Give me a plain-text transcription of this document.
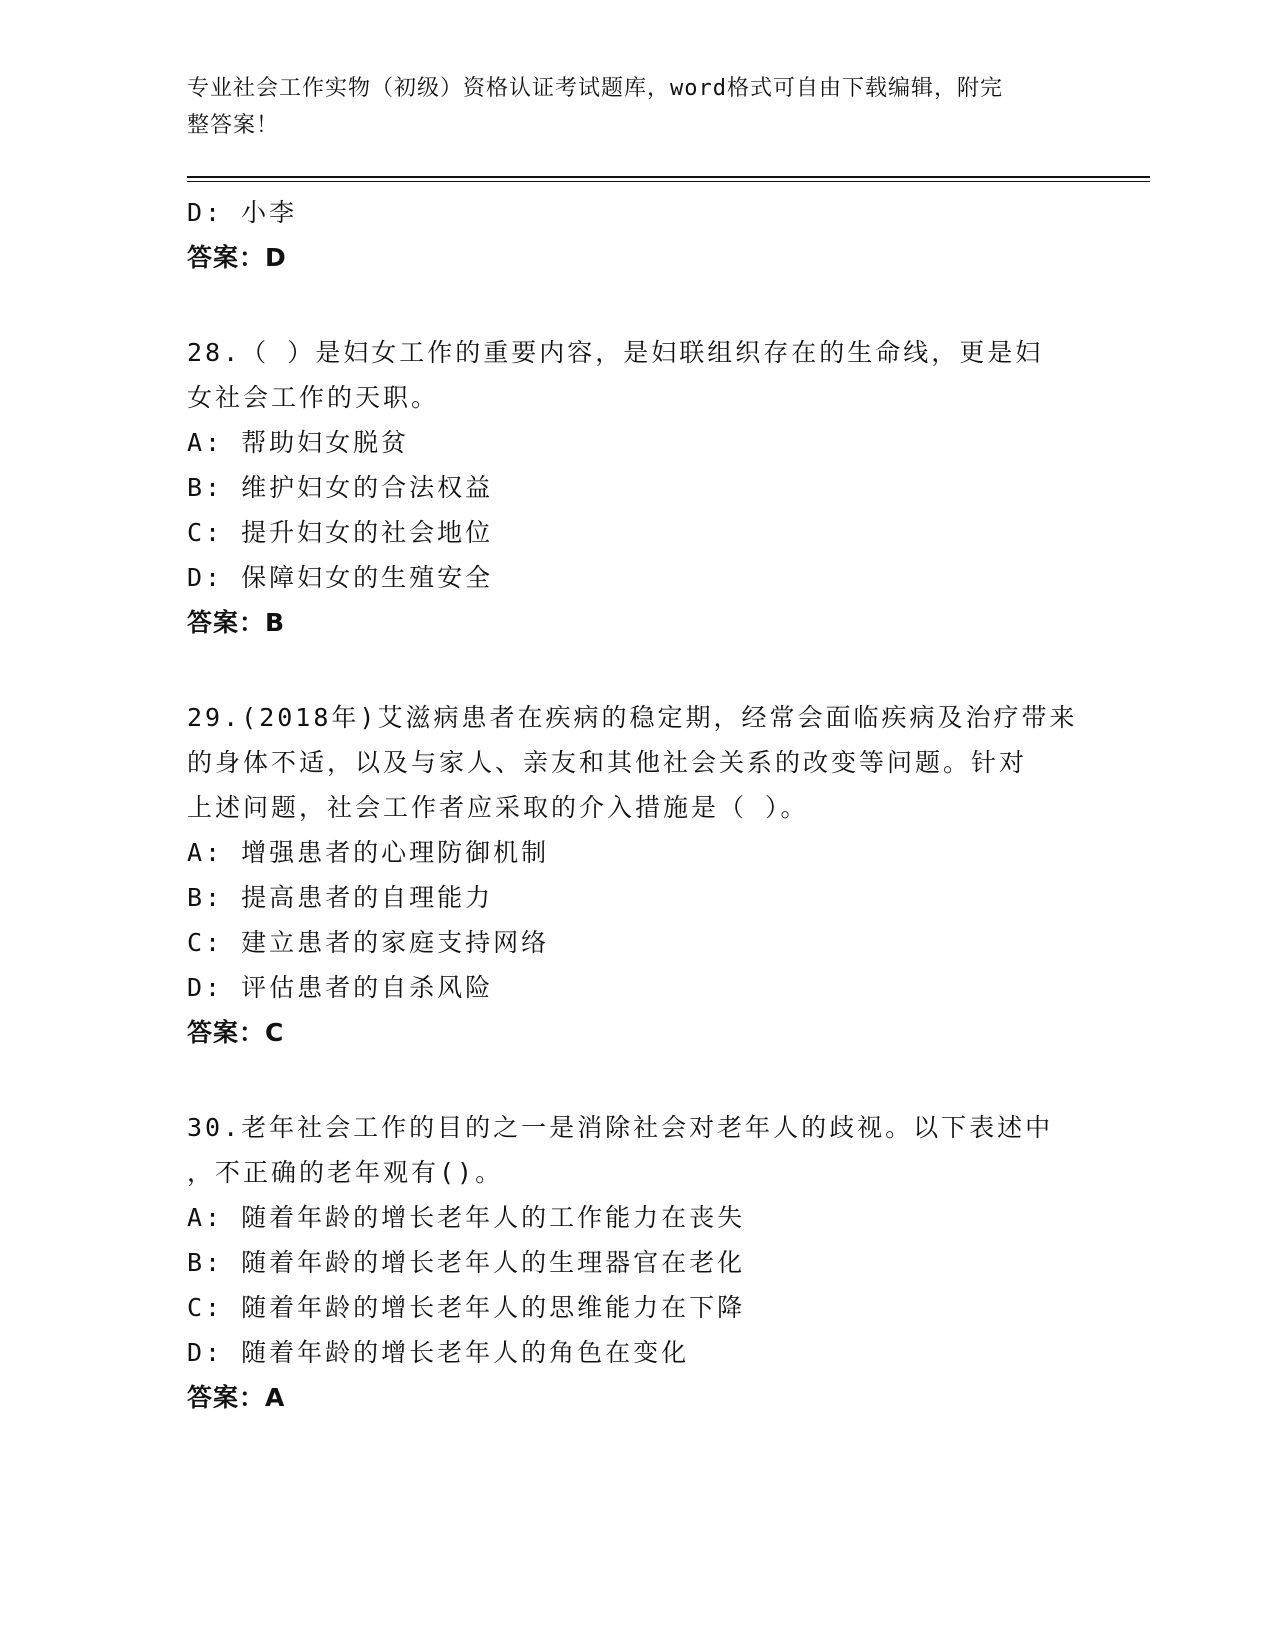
专业社会工作实物（初级）资格认证考试题库，word格式可自由下载编辑，附完
整答案！
D: 小李
答案：D
28.（ ）是妇女工作的重要内容，是妇联组织存在的生命线，更是妇
女社会工作的天职。
A: 帮助妇女脱贫
B: 维护妇女的合法权益
C: 提升妇女的社会地位
D: 保障妇女的生殖安全
答案：B
29.(2018年)艾滋病患者在疾病的稳定期，经常会面临疾病及治疗带来
的身体不适，以及与家人、亲友和其他社会关系的改变等问题。针对
上述问题，社会工作者应采取的介入措施是（ ）。
A: 增强患者的心理防御机制
B: 提高患者的自理能力
C: 建立患者的家庭支持网络
D: 评估患者的自杀风险
答案：C
30.老年社会工作的目的之一是消除社会对老年人的歧视。以下表述中
，不正确的老年观有()。
A: 随着年龄的增长老年人的工作能力在丧失
B: 随着年龄的增长老年人的生理器官在老化
C: 随着年龄的增长老年人的思维能力在下降
D: 随着年龄的增长老年人的角色在变化
答案：A
